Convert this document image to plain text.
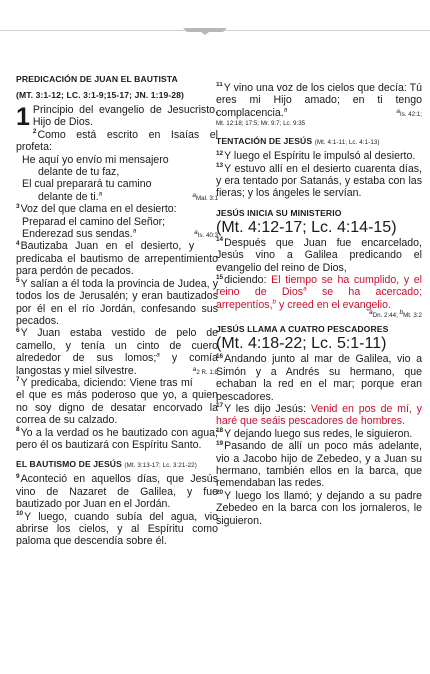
PREDICACIÓN DE JUAN EL BAUTISTA
(MT. 3:1-12; LC. 3:1-9;15-17; JN. 1:19-28)
1 Principio del evangelio de Jesucristo, Hijo de Dios.
$^2$Como está escrito en Isaías el profeta:
He aquí yo envío mi mensajero
delante de tu faz,
El cual preparará tu camino
delante de ti.$^a$	aMal. 3:1
$^3$Voz del que clama en el desierto:
Preparad el camino del Señor;
Enderezad sus sendas.$^a$	aIs. 40:3
$^4$Bautizaba Juan en el desierto, y predicaba el bautismo de arrepentimiento para perdón de pecados.
$^5$Y salían a él toda la provincia de Judea, y todos los de Jerusalén; y eran bautizados por él en el río Jordán, confesando sus pecados.
$^6$Y Juan estaba vestido de pelo de camello, y tenía un cinto de cuero alrededor de sus lomos;$^a$ y comía langostas y miel silvestre.	a2 R. 1:8
$^7$Y predicaba, diciendo: Viene tras mí el que es más poderoso que yo, a quien no soy digno de desatar encorvado la correa de su calzado.
$^8$Yo a la verdad os he bautizado con agua; pero él os bautizará con Espíritu Santo.
EL BAUTISMO DE JESÚS (Mt. 3:13-17; Lc. 3:21-22)
$^9$Aconteció en aquellos días, que Jesús vino de Nazaret de Galilea, y fue bautizado por Juan en el Jordán.
$^{10}$Y luego, cuando subía del agua, vio abrirse los cielos, y al Espíritu como paloma que descendía sobre él.
$^{11}$Y vino una voz de los cielos que decía: Tú eres mi Hijo amado; en ti tengo complacencia.$^a$	aIs. 42:1;
Mt. 12:18; 17:5; Mr. 9:7; Lc. 9:35
TENTACIÓN DE JESÚS (Mt. 4:1-11; Lc. 4:1-13)
$^{12}$Y luego el Espíritu le impulsó al desierto.
$^{13}$Y estuvo allí en el desierto cuarenta días, y era tentado por Satanás, y estaba con las fieras; y los ángeles le servían.
JESÚS INICIA SU MINISTERIO
(Mt. 4:12-17; Lc. 4:14-15)
$^{14}$Después que Juan fue encarcelado, Jesús vino a Galilea predicando el evangelio del reino de Dios,
$^{15}$diciendo: El tiempo se ha cumplido, y el reino de Dios$^a$ se ha acercado; arrepentíos,$^b$ y creed en el evangelio.
aDn. 2:44; bMt. 3:2
JESÚS LLAMA A CUATRO PESCADORES
(Mt. 4:18-22; Lc. 5:1-11)
$^{16}$Andando junto al mar de Galilea, vio a Simón y a Andrés su hermano, que echaban la red en el mar; porque eran pescadores.
$^{17}$Y les dijo Jesús: Venid en pos de mí, y haré que seáis pescadores de hombres.
$^{18}$Y dejando luego sus redes, le siguieron.
$^{19}$Pasando de allí un poco más adelante, vio a Jacobo hijo de Zebedeo, y a Juan su hermano, también ellos en la barca, que remendaban las redes.
$^{20}$Y luego los llamó; y dejando a su padre Zebedeo en la barca con los jornaleros, le siguieron.
